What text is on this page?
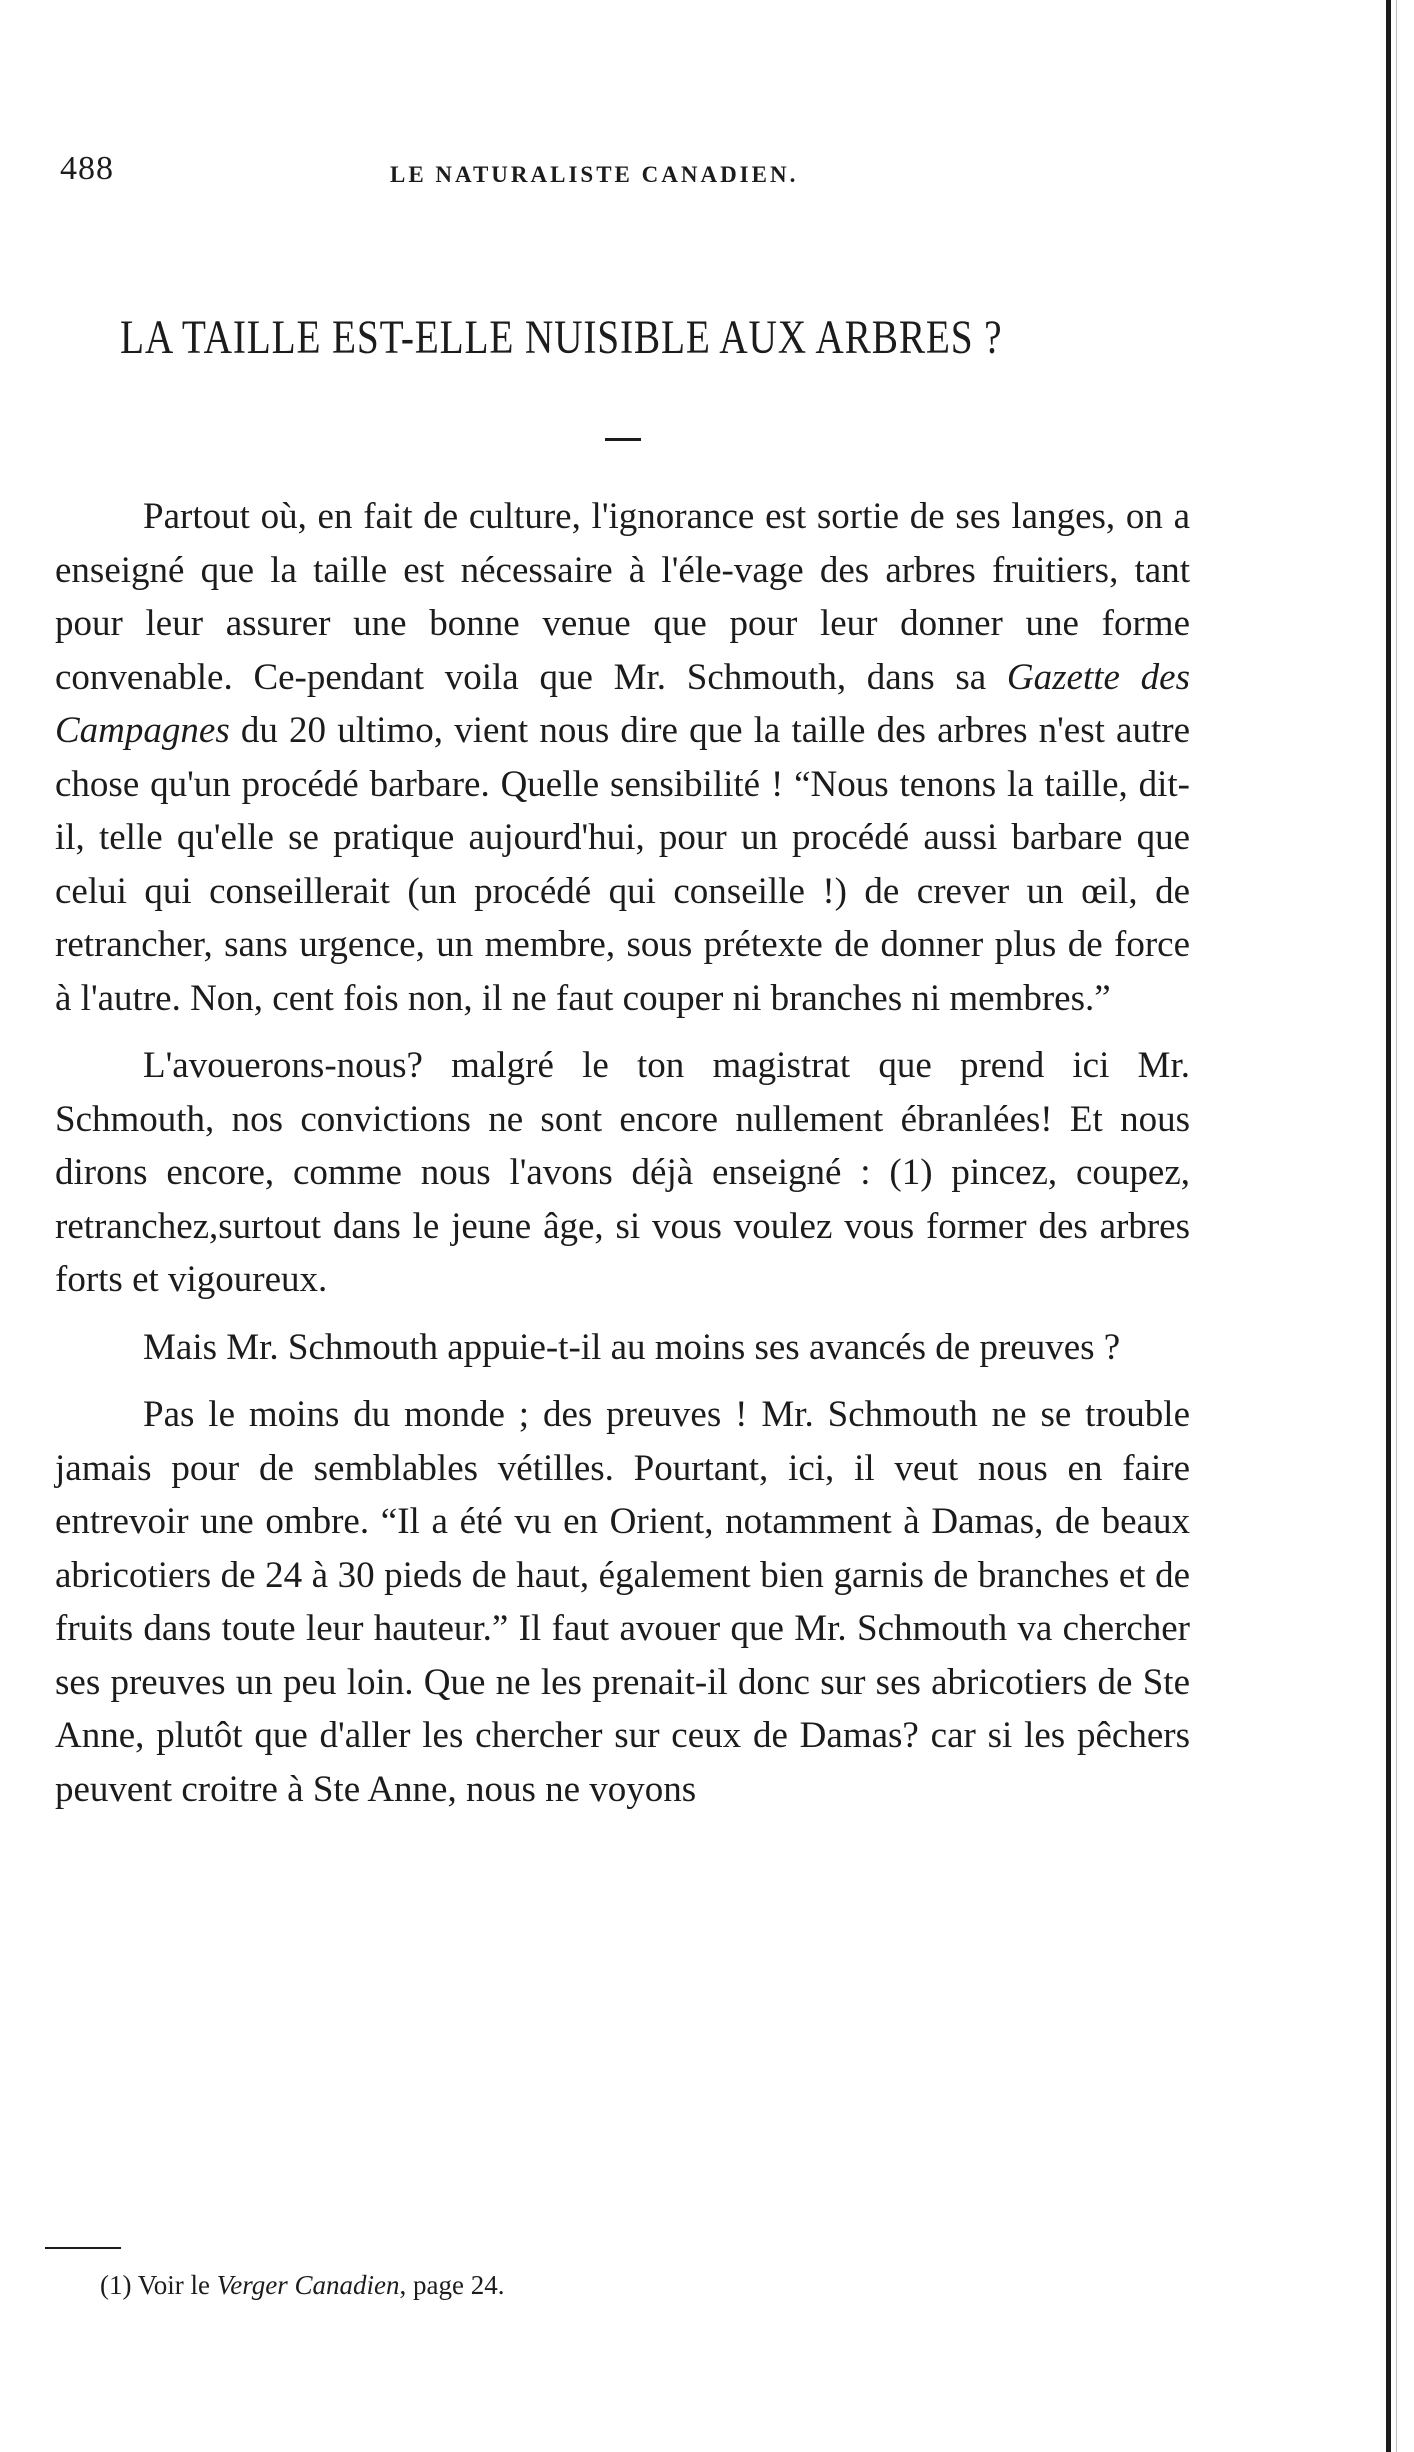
488	LE NATURALISTE CANADIEN.
LA TAILLE EST-ELLE NUISIBLE AUX ARBRES ?

Partout où, en fait de culture, l'ignorance est sortie de ses langes, on a enseigné que la taille est nécessaire à l'éle-vage des arbres fruitiers, tant pour leur assurer une bonne venue que pour leur donner une forme convenable. Ce-pendant voila que Mr. Schmouth, dans sa Gazette des Campagnes du 20 ultimo, vient nous dire que la taille des arbres n'est autre chose qu'un procédé barbare. Quelle sensibilité ! “Nous tenons la taille, dit-il, telle qu'elle se pratique aujourd'hui, pour un procédé aussi barbare que celui qui conseillerait (un procédé qui conseille !) de crever un œil, de retrancher, sans urgence, un membre, sous prétexte de donner plus de force à l'autre. Non, cent fois non, il ne faut couper ni branches ni membres.”

L'avouerons-nous? malgré le ton magistrat que prend ici Mr. Schmouth, nos convictions ne sont encore nullement ébranlées! Et nous dirons encore, comme nous l'avons déjà enseigné : (1) pincez, coupez, retranchez,surtout dans le jeune âge, si vous voulez vous former des arbres forts et vigoureux.

Mais Mr. Schmouth appuie-t-il au moins ses avancés de preuves ?

Pas le moins du monde ; des preuves ! Mr. Schmouth ne se trouble jamais pour de semblables vétilles. Pourtant, ici, il veut nous en faire entrevoir une ombre. “Il a été vu en Orient, notamment à Damas, de beaux abricotiers de 24 à 30 pieds de haut, également bien garnis de branches et de fruits dans toute leur hauteur.” Il faut avouer que Mr. Schmouth va chercher ses preuves un peu loin. Que ne les prenait-il donc sur ses abricotiers de Ste Anne, plutôt que d'aller les chercher sur ceux de Damas? car si les pêchers peuvent croitre à Ste Anne, nous ne voyons

(1) Voir le Verger Canadien, page 24.
